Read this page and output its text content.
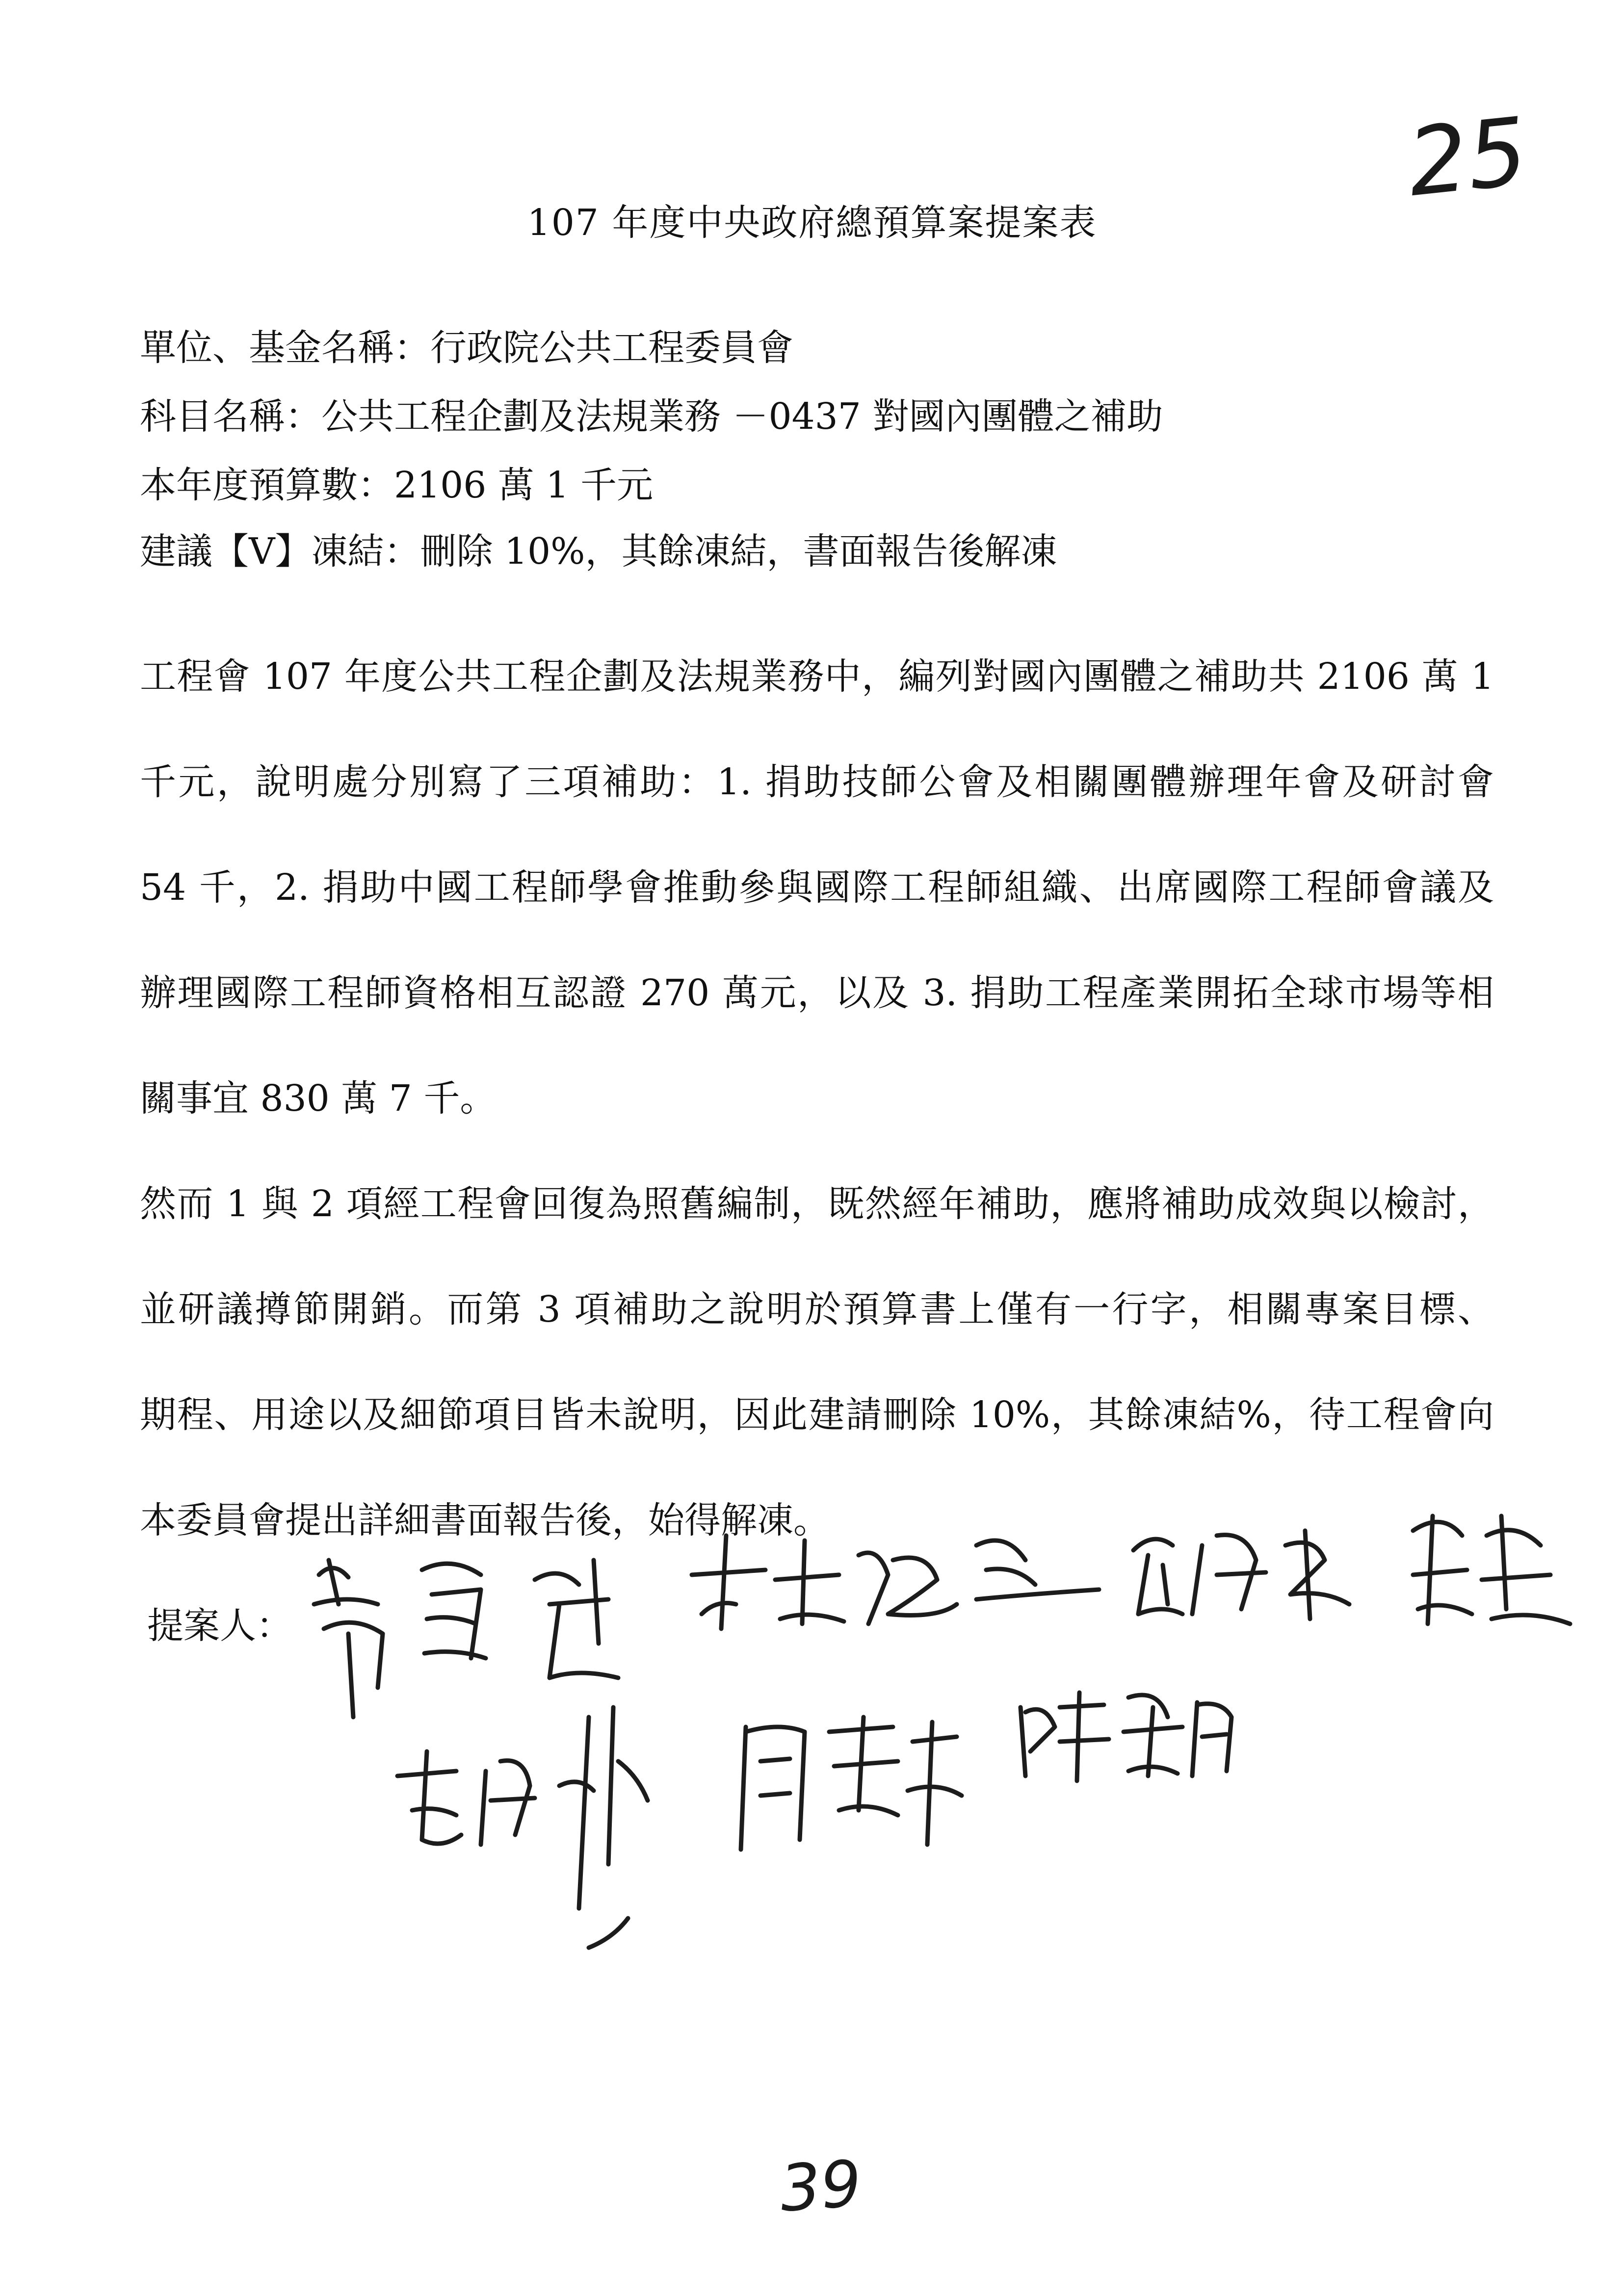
25
107 年度中央政府總預算案提案表
單位、基金名稱：行政院公共工程委員會
科目名稱：公共工程企劃及法規業務 －0437 對國內團體之補助
本年度預算數：2106 萬 1 千元
建議【V】凍結：刪除 10%，其餘凍結，書面報告後解凍
工程會 107 年度公共工程企劃及法規業務中，編列對國內團體之補助共 2106 萬 1
千元，說明處分別寫了三項補助：1. 捐助技師公會及相關團體辦理年會及研討會
54 千，2. 捐助中國工程師學會推動參與國際工程師組織、出席國際工程師會議及
辦理國際工程師資格相互認證 270 萬元，以及 3. 捐助工程產業開拓全球市場等相
關事宜 830 萬 7 千。
然而 1 與 2 項經工程會回復為照舊編制，既然經年補助，應將補助成效與以檢討，
並研議撙節開銷。而第 3 項補助之說明於預算書上僅有一行字，相關專案目標、
期程、用途以及細節項目皆未說明，因此建請刪除 10%，其餘凍結%，待工程會向
本委員會提出詳細書面報告後，始得解凍。
提案人：
39
